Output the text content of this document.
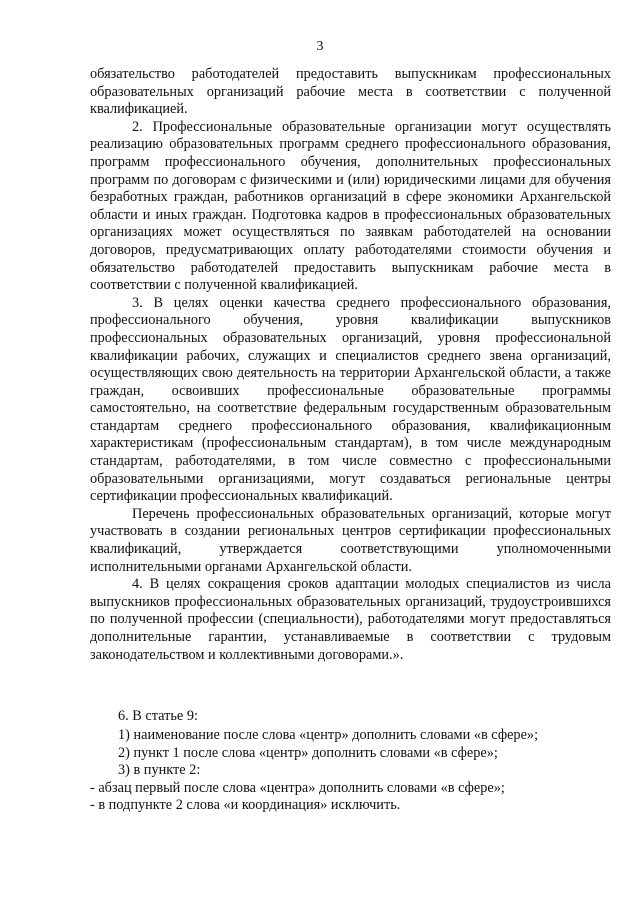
3

обязательство работодателей предоставить выпускникам профессиональных образовательных организаций рабочие места в соответствии с полученной квалификацией.

2. Профессиональные образовательные организации могут осуществлять реализацию образовательных программ среднего профессионального образования, программ профессионального обучения, дополнительных профессиональных программ по договорам с физическими и (или) юридическими лицами для обучения безработных граждан, работников организаций в сфере экономики Архангельской области и иных граждан. Подготовка кадров в профессиональных образовательных организациях может осуществляться по заявкам работодателей на основании договоров, предусматривающих оплату работодателями стоимости обучения и обязательство работодателей предоставить выпускникам рабочие места в соответствии с полученной квалификацией.

3. В целях оценки качества среднего профессионального образования, профессионального обучения, уровня квалификации выпускников профессиональных образовательных организаций, уровня профессиональной квалификации рабочих, служащих и специалистов среднего звена организаций, осуществляющих свою деятельность на территории Архангельской области, а также граждан, освоивших профессиональные образовательные программы самостоятельно, на соответствие федеральным государственным образовательным стандартам среднего профессионального образования, квалификационным характеристикам (профессиональным стандартам), в том числе международным стандартам, работодателями, в том числе совместно с профессиональными образовательными организациями, могут создаваться региональные центры сертификации профессиональных квалификаций.

Перечень профессиональных образовательных организаций, которые могут участвовать в создании региональных центров сертификации профессиональных квалификаций, утверждается соответствующими уполномоченными исполнительными органами Архангельской области.

4. В целях сокращения сроков адаптации молодых специалистов из числа выпускников профессиональных образовательных организаций, трудоустроившихся по полученной профессии (специальности), работодателями могут предоставляться дополнительные гарантии, устанавливаемые в соответствии с трудовым законодательством и коллективными договорами.».

6. В статье 9:

1) наименование после слова «центр» дополнить словами «в сфере»;

2) пункт 1 после слова «центр» дополнить словами «в сфере»;

3) в пункте 2:

- абзац первый после слова «центра» дополнить словами «в сфере»;

- в подпункте 2 слова «и координация» исключить.
